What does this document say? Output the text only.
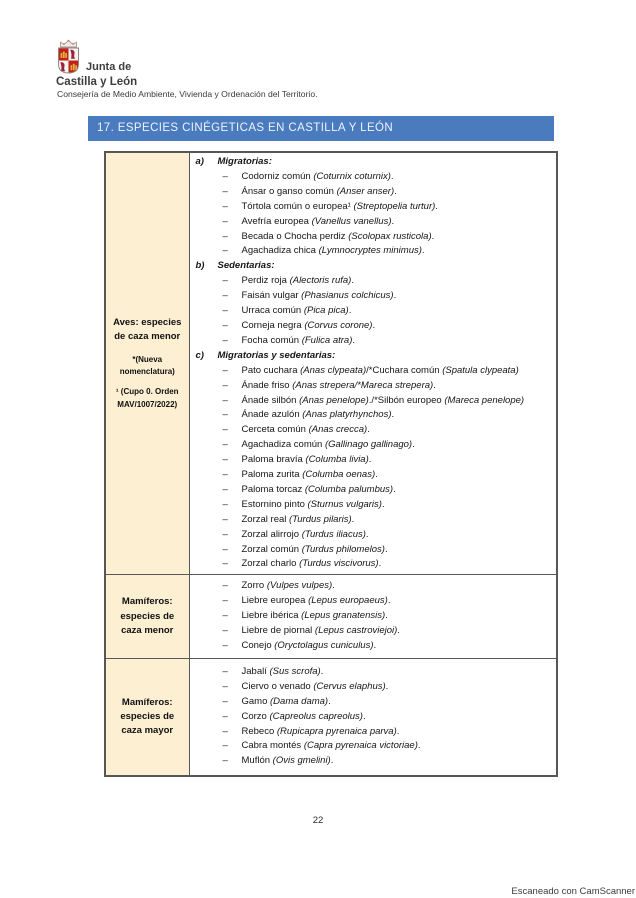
Junta de
Castilla y León
Consejería de Medio Ambiente, Vivienda y Ordenación del Territorio.
17. ESPECIES CINÉGETICAS EN CASTILLA Y LEÓN
Aves: especies de caza menor
*(Nueva nomenclatura)
¹ (Cupo 0. Orden MAV/1007/2022)

a)	Migratorias:
–	Codorniz común (Coturnix coturnix).
–	Ánsar o ganso común (Anser anser).
–	Tórtola común o europea¹ (Streptopelia turtur).
–	Avefría europea (Vanellus vanellus).
–	Becada o Chocha perdiz (Scolopax rusticola).
–	Agachadiza chica (Lymnocryptes minimus).
b)	Sedentarias:
–	Perdiz roja (Alectoris rufa).
–	Faisán vulgar (Phasianus colchicus).
–	Urraca común (Pica pica).
–	Corneja negra (Corvus corone).
–	Focha común (Fulica atra).
c)	Migratorias y sedentarias:
–	Pato cuchara (Anas clypeata)/*Cuchara común (Spatula clypeata)
–	Ánade friso (Anas strepera/*Mareca strepera).
–	Ánade silbón (Anas penelope)./*Silbón europeo (Mareca penelope)
–	Ánade azulón (Anas platyrhynchos).
–	Cerceta común (Anas crecca).
–	Agachadiza común (Gallinago gallinago).
–	Paloma bravía (Columba livia).
–	Paloma zurita (Columba oenas).
–	Paloma torcaz (Columba palumbus).
–	Estornino pinto (Sturnus vulgaris).
–	Zorzal real (Turdus pilaris).
–	Zorzal alirrojo (Turdus iliacus).
–	Zorzal común (Turdus philomelos).
–	Zorzal charlo (Turdus viscivorus).

Mamíferos: especies de caza menor

–	Zorro (Vulpes vulpes).
–	Liebre europea (Lepus europaeus).
–	Liebre ibérica (Lepus granatensis).
–	Liebre de piornal (Lepus castroviejoi).
–	Conejo (Oryctolagus cuniculus).

Mamíferos: especies de caza mayor

–	Jabalí (Sus scrofa).
–	Ciervo o venado (Cervus elaphus).
–	Gamo (Dama dama).
–	Corzo (Capreolus capreolus).
–	Rebeco (Rupicapra pyrenaica parva).
–	Cabra montés (Capra pyrenaica victoriae).
–	Muflón (Ovis gmelini).
22
Escaneado con CamScanner
